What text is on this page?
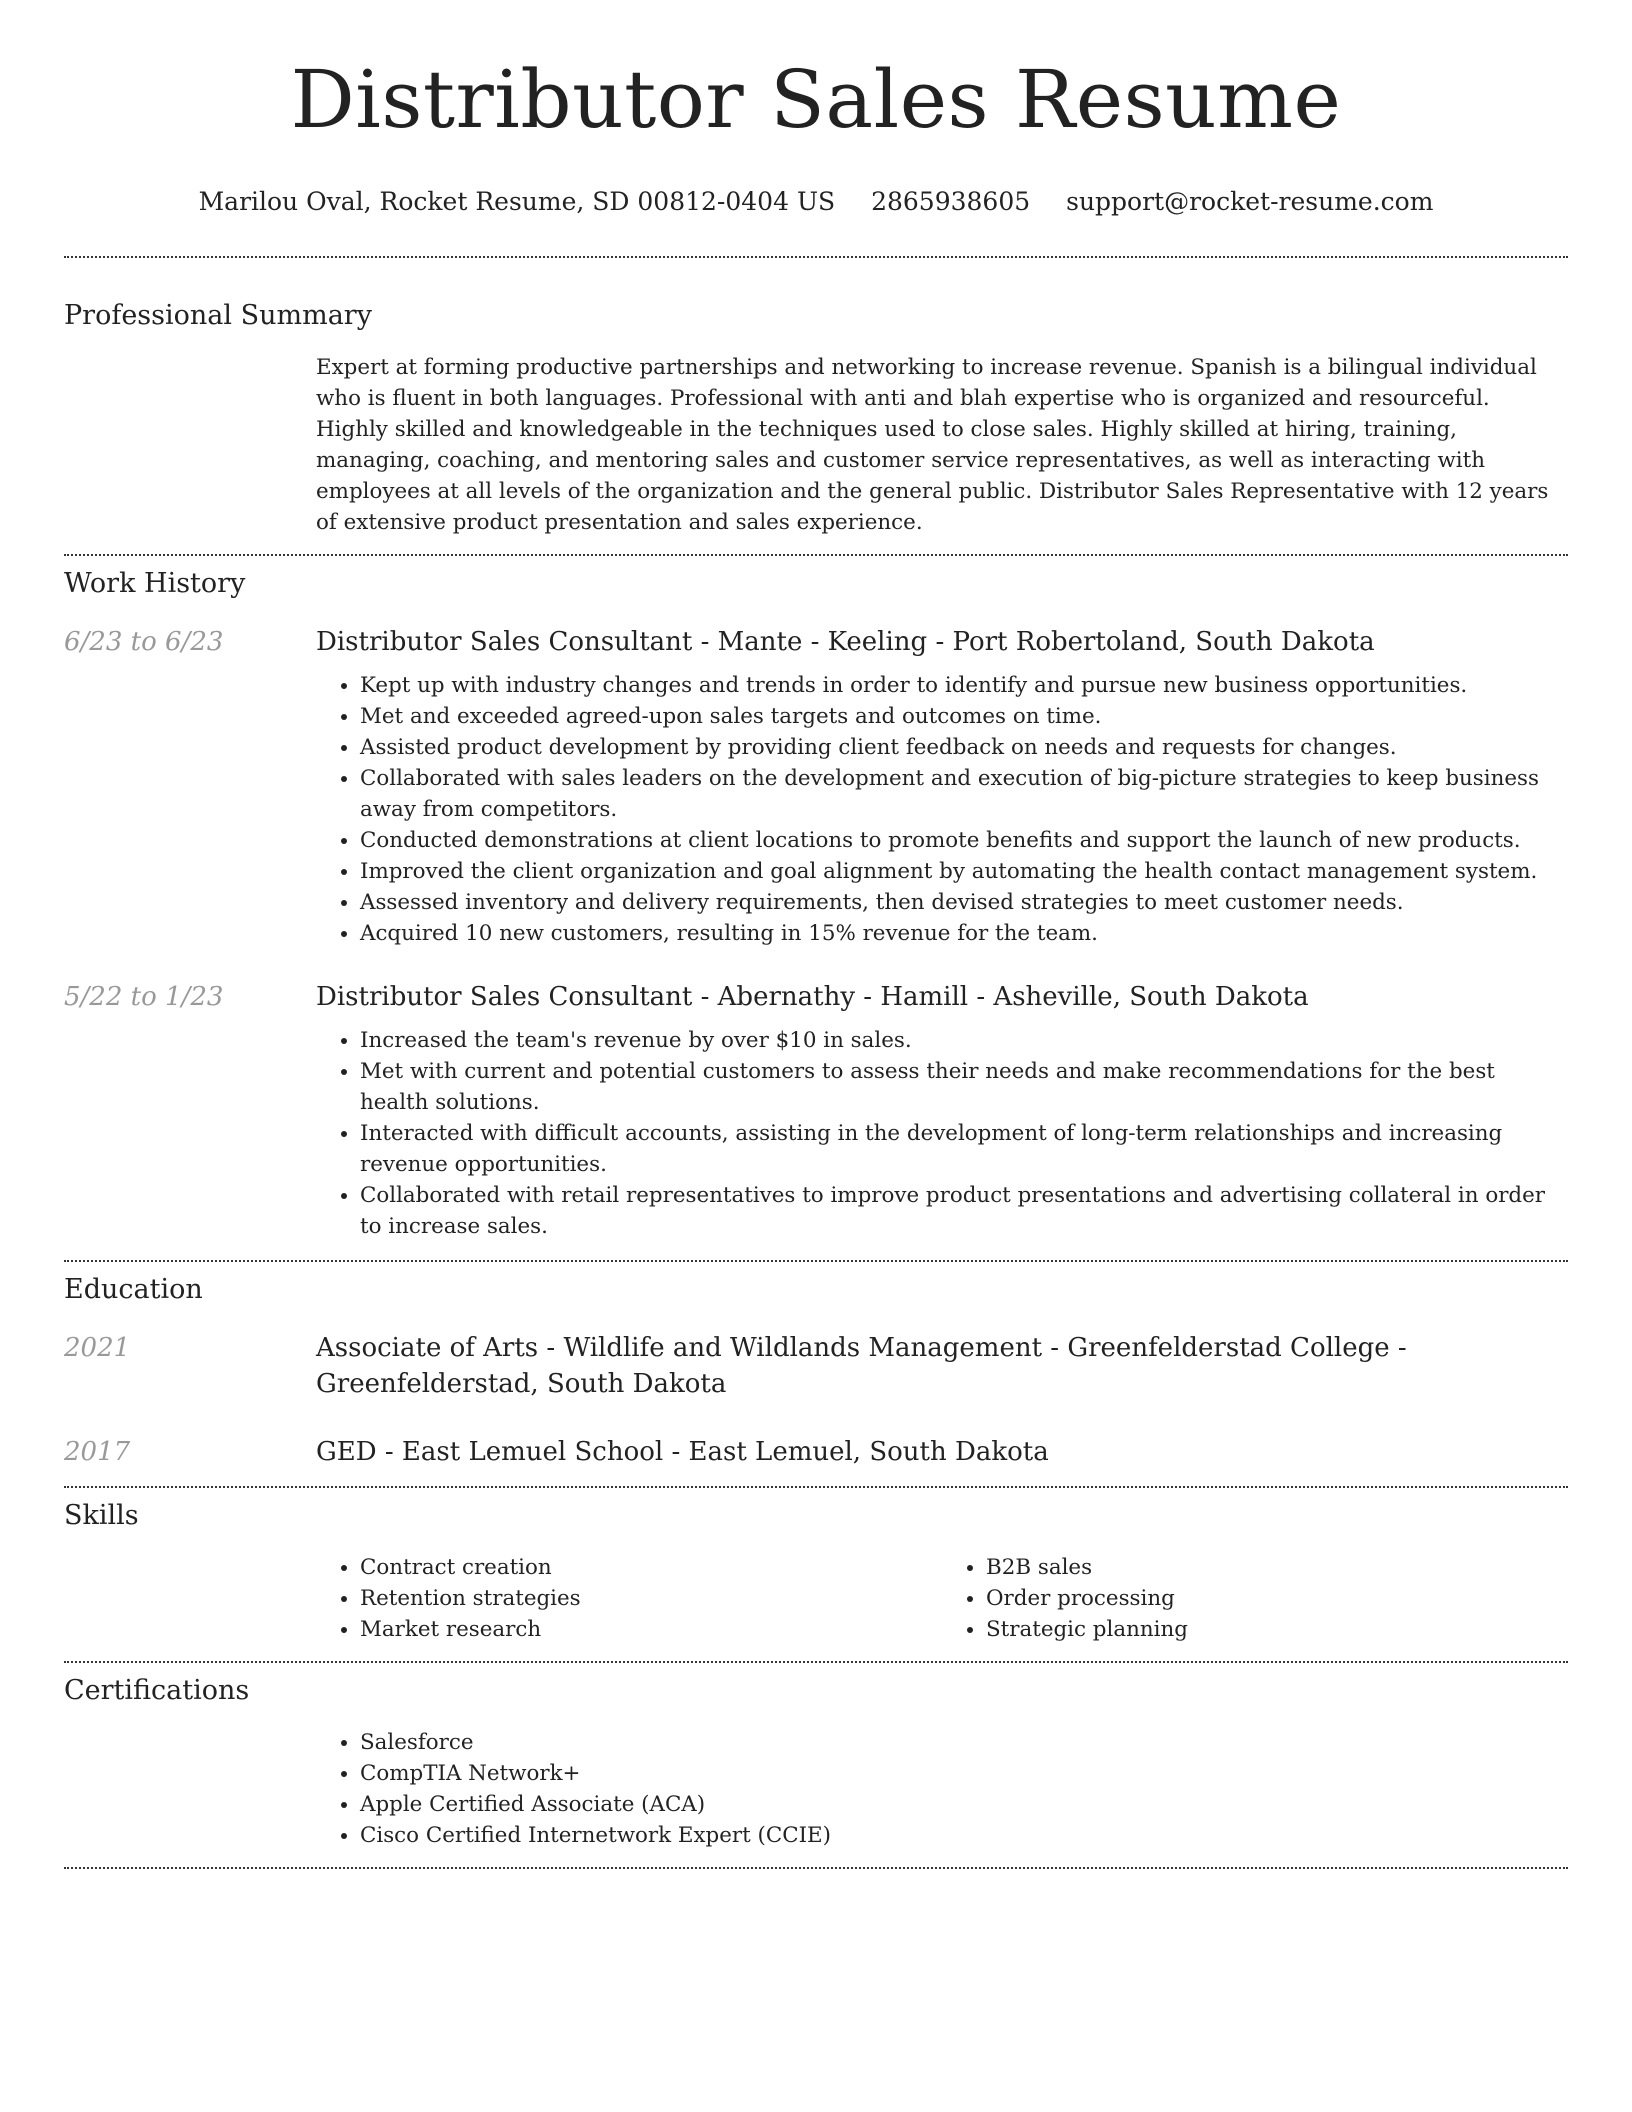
Distributor Sales Resume
Marilou Oval, Rocket Resume, SD 00812-0404 US 2865938605 support@rocket-resume.com
Professional Summary

Expert at forming productive partnerships and networking to increase revenue. Spanish is a bilingual individual who is fluent in both languages. Professional with anti and blah expertise who is organized and resourceful. Highly skilled and knowledgeable in the techniques used to close sales. Highly skilled at hiring, training, managing, coaching, and mentoring sales and customer service representatives, as well as interacting with employees at all levels of the organization and the general public. Distributor Sales Representative with 12 years of extensive product presentation and sales experience.

Work History
6/23 to 6/23	Distributor Sales Consultant - Mante - Keeling - Port Robertoland, South Dakota
• Kept up with industry changes and trends in order to identify and pursue new business opportunities.
• Met and exceeded agreed-upon sales targets and outcomes on time.
• Assisted product development by providing client feedback on needs and requests for changes.
• Collaborated with sales leaders on the development and execution of big-picture strategies to keep business away from competitors.
• Conducted demonstrations at client locations to promote benefits and support the launch of new products.
• Improved the client organization and goal alignment by automating the health contact management system.
• Assessed inventory and delivery requirements, then devised strategies to meet customer needs.
• Acquired 10 new customers, resulting in 15% revenue for the team.
5/22 to 1/23	Distributor Sales Consultant - Abernathy - Hamill - Asheville, South Dakota
• Increased the team's revenue by over $10 in sales.
• Met with current and potential customers to assess their needs and make recommendations for the best health solutions.
• Interacted with difficult accounts, assisting in the development of long-term relationships and increasing revenue opportunities.
• Collaborated with retail representatives to improve product presentations and advertising collateral in order to increase sales.
Education
2021	Associate of Arts - Wildlife and Wildlands Management - Greenfelderstad College - Greenfelderstad, South Dakota
2017	GED - East Lemuel School - East Lemuel, South Dakota
Skills
• Contract creation
• Retention strategies
• Market research
• B2B sales
• Order processing
• Strategic planning
Certifications
• Salesforce
• CompTIA Network+
• Apple Certified Associate (ACA)
• Cisco Certified Internetwork Expert (CCIE)
